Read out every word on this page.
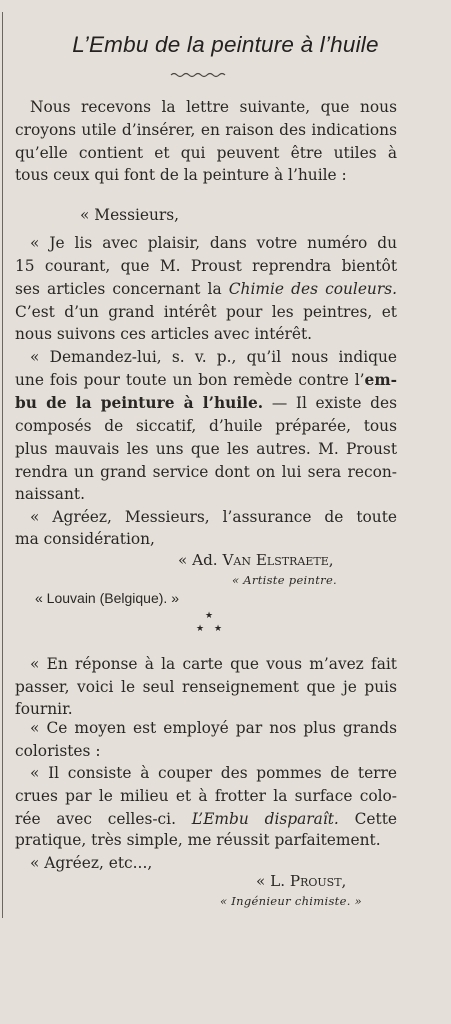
L’Embu de la peinture à l’huile
Nous recevons la lettre suivante, que nous
croyons utile d’insérer, en raison des indications
qu’elle contient et qui peuvent être utiles à
tous ceux qui font de la peinture à l’huile :
« Messieurs,
« Je lis avec plaisir, dans votre numéro du
15 courant, que M. Proust reprendra bientôt
ses articles concernant la Chimie des couleurs.
C’est d’un grand intérêt pour les peintres, et
nous suivons ces articles avec intérêt.
« Demandez-lui, s. v. p., qu’il nous indique
une fois pour toute un bon remède contre l’em-
bu de la peinture à l’huile. — Il existe des
composés de siccatif, d’huile préparée, tous
plus mauvais les uns que les autres. M. Proust
rendra un grand service dont on lui sera recon-
naissant.
« Agréez, Messieurs, l’assurance de toute
ma considération,
« Ad. Van Elstraete,
« Artiste peintre.
« Louvain (Belgique). »
★
★ ★
« En réponse à la carte que vous m’avez fait
passer, voici le seul renseignement que je puis
fournir.
« Ce moyen est employé par nos plus grands
coloristes :
« Il consiste à couper des pommes de terre
crues par le milieu et à frotter la surface colo-
rée avec celles-ci. L’Embu disparaît. Cette
pratique, très simple, me réussit parfaitement.
« Agréez, etc...,
« L. Proust,
« Ingénieur chimiste. »
